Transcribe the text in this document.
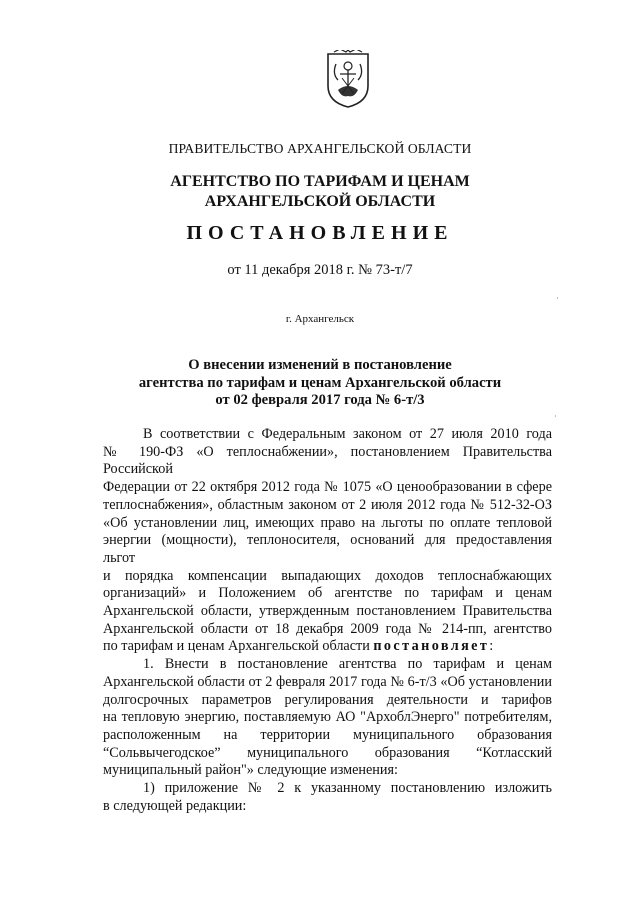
ПРАВИТЕЛЬСТВО АРХАНГЕЛЬСКОЙ ОБЛАСТИ
АГЕНТСТВО ПО ТАРИФАМ И ЦЕНАМ
АРХАНГЕЛЬСКОЙ ОБЛАСТИ
ПОСТАНОВЛЕНИЕ
от 11 декабря 2018 г. № 73-т/7
г. Архангельск
О внесении изменений в постановление
агентства по тарифам и ценам Архангельской области
от 02 февраля 2017 года № 6-т/3

В соответствии с Федеральным законом от 27 июля 2010 года

№ 190-ФЗ «О теплоснабжении», постановлением Правительства Российской

Федерации от 22 октября 2012 года № 1075 «О ценообразовании в сфере

теплоснабжения», областным законом от 2 июля 2012 года № 512-32-ОЗ

«Об установлении лиц, имеющих право на льготы по оплате тепловой

энергии (мощности), теплоносителя, оснований для предоставления льгот

и порядка компенсации выпадающих доходов теплоснабжающих

организаций» и Положением об агентстве по тарифам и ценам

Архангельской области, утвержденным постановлением Правительства

Архангельской области от 18 декабря 2009 года № 214-пп, агентство

по тарифам и ценам Архангельской области постановляет:

1. Внести в постановление агентства по тарифам и ценам

Архангельской области от 2 февраля 2017 года № 6-т/3 «Об установлении

долгосрочных параметров регулирования деятельности и тарифов

на тепловую энергию, поставляемую АО "АрхоблЭнерго" потребителям,

расположенным на территории муниципального образования

“Сольвычегодское” муниципального образования “Котласский

муниципальный район"» следующие изменения:

1) приложение № 2 к указанному постановлению изложить

в следующей редакции:

·
·
